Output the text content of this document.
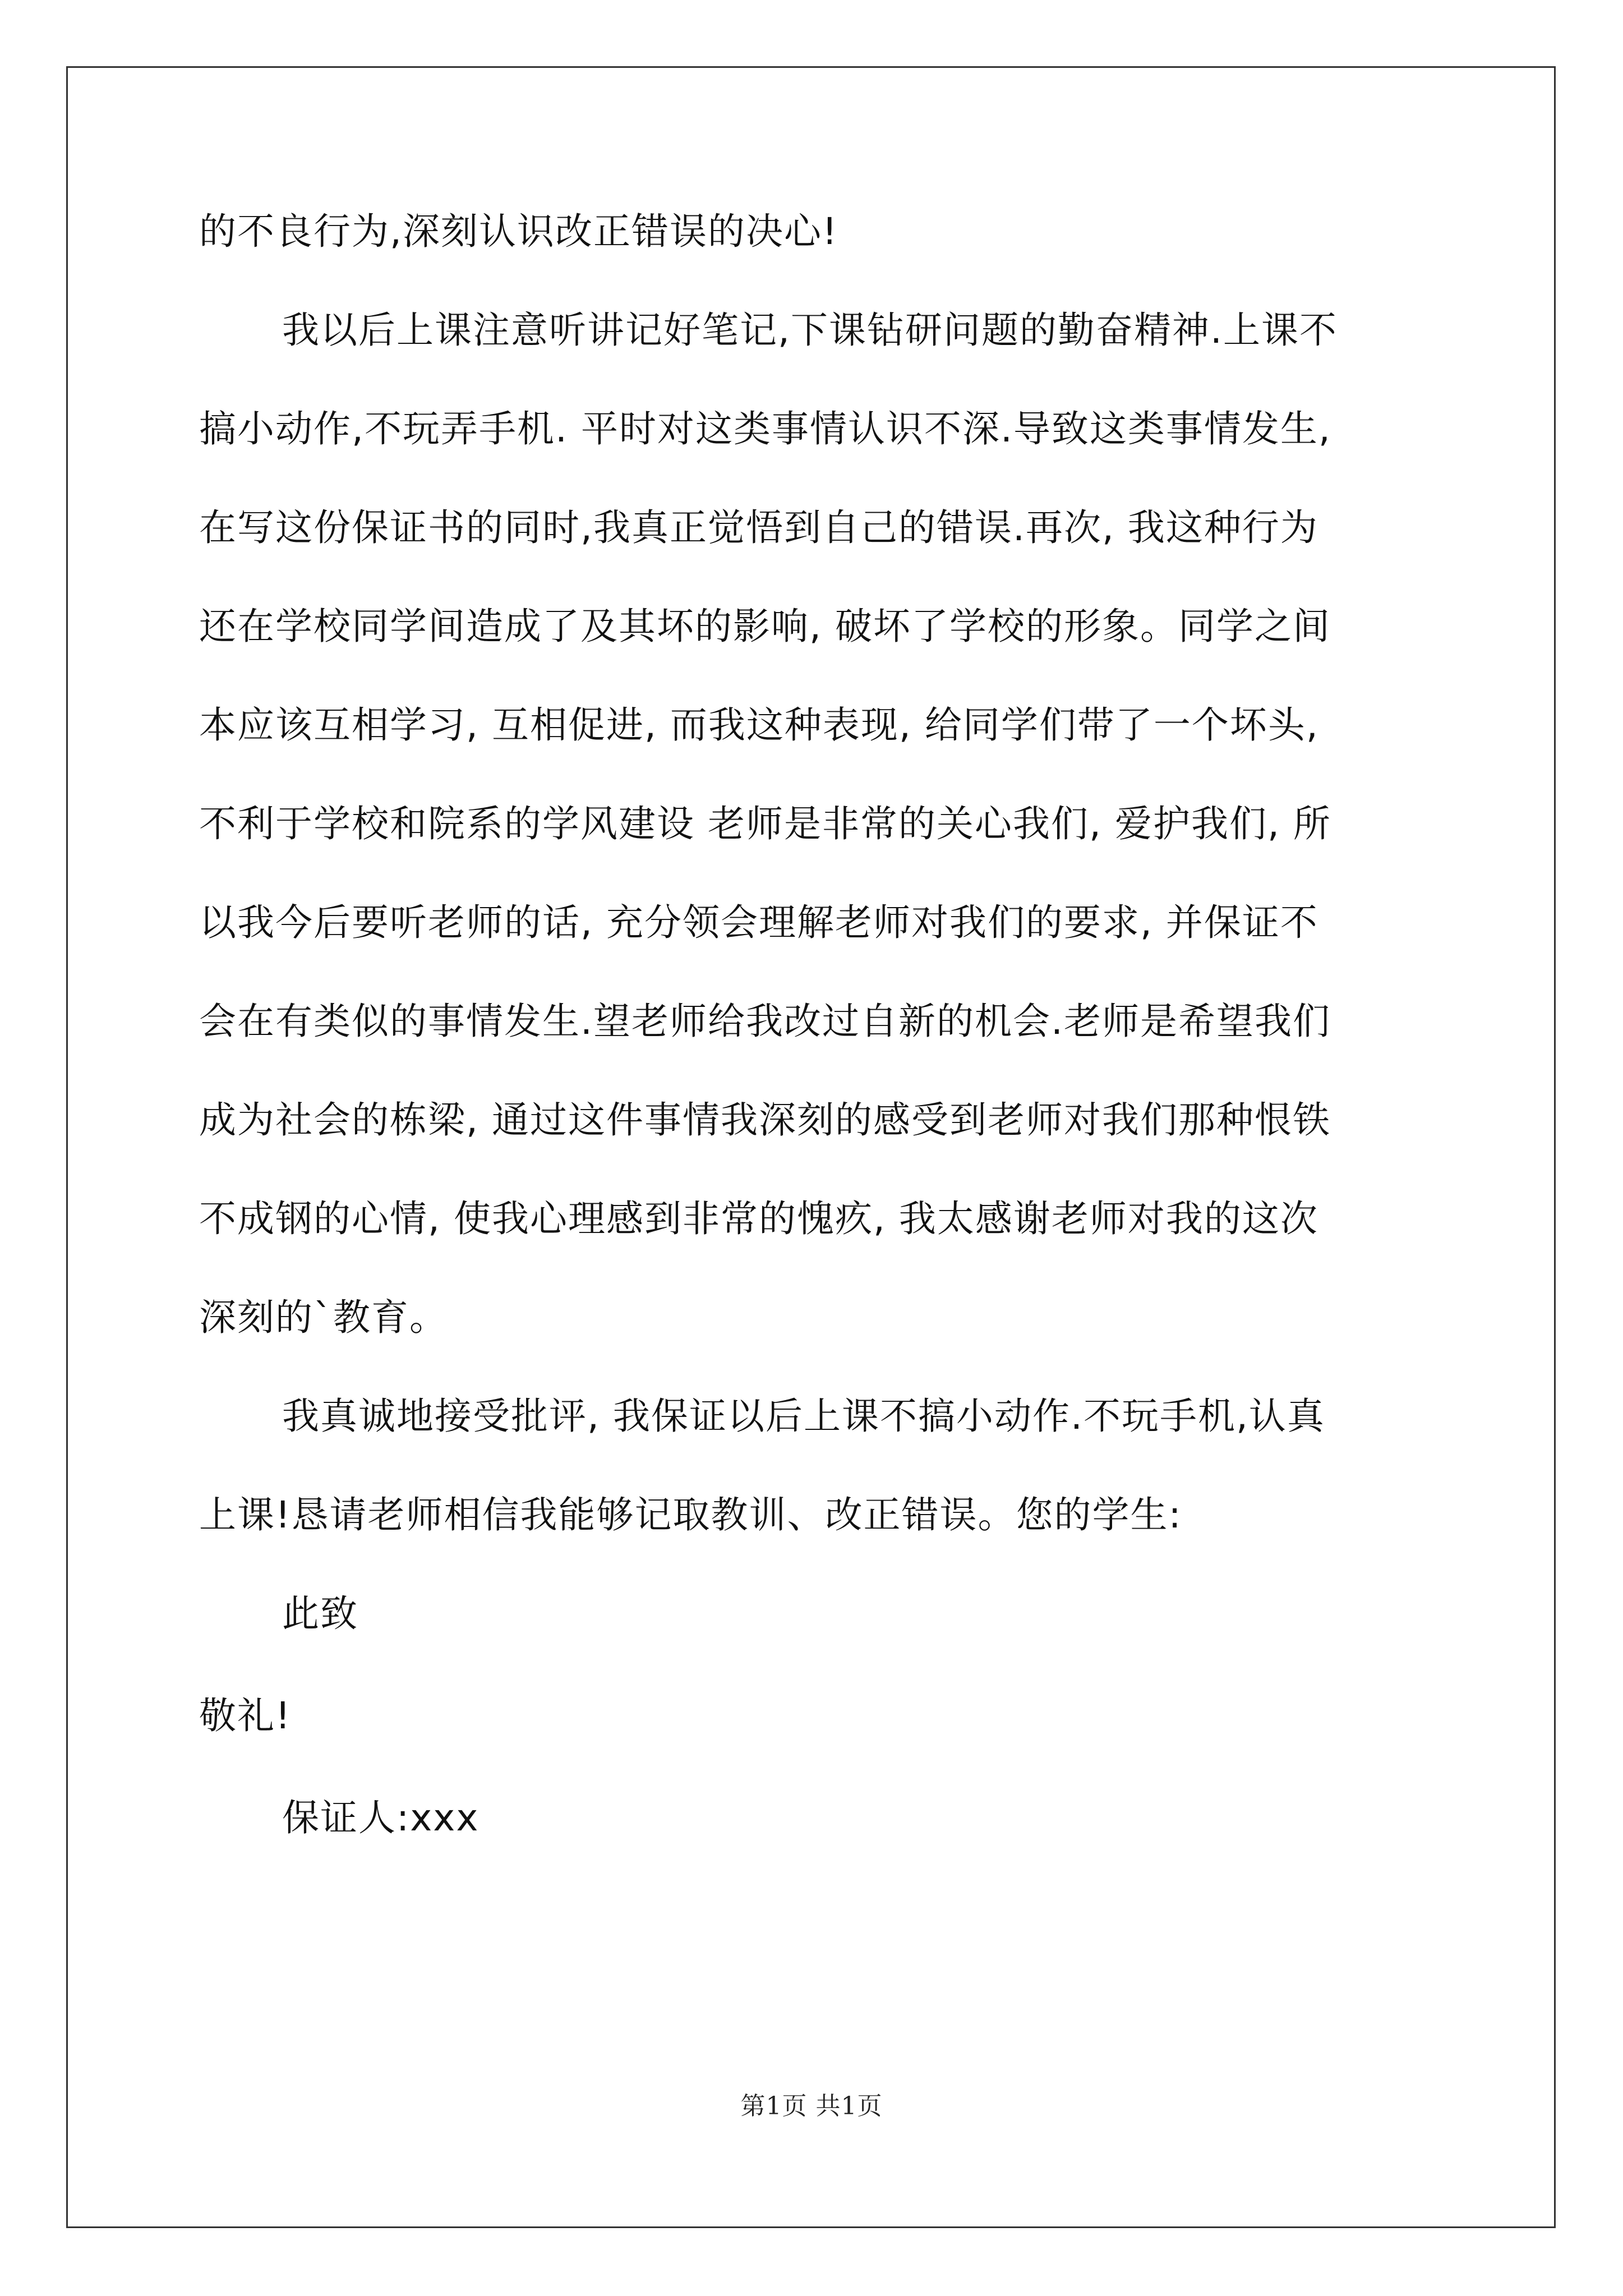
的不良行为,深刻认识改正错误的决心!
我以后上课注意听讲记好笔记,下课钻研问题的勤奋精神.上课不
搞小动作,不玩弄手机. 平时对这类事情认识不深.导致这类事情发生,
在写这份保证书的同时,我真正觉悟到自己的错误.再次, 我这种行为
还在学校同学间造成了及其坏的影响, 破坏了学校的形象。同学之间
本应该互相学习, 互相促进, 而我这种表现, 给同学们带了一个坏头,
不利于学校和院系的学风建设 老师是非常的关心我们, 爱护我们, 所
以我今后要听老师的话, 充分领会理解老师对我们的要求, 并保证不
会在有类似的事情发生.望老师给我改过自新的机会.老师是希望我们
成为社会的栋梁, 通过这件事情我深刻的感受到老师对我们那种恨铁
不成钢的心情, 使我心理感到非常的愧疚, 我太感谢老师对我的这次
深刻的`教育。
我真诚地接受批评, 我保证以后上课不搞小动作.不玩手机,认真
上课!恳请老师相信我能够记取教训、改正错误。您的学生:
此致
敬礼!
保证人:xxx
第1页 共1页
